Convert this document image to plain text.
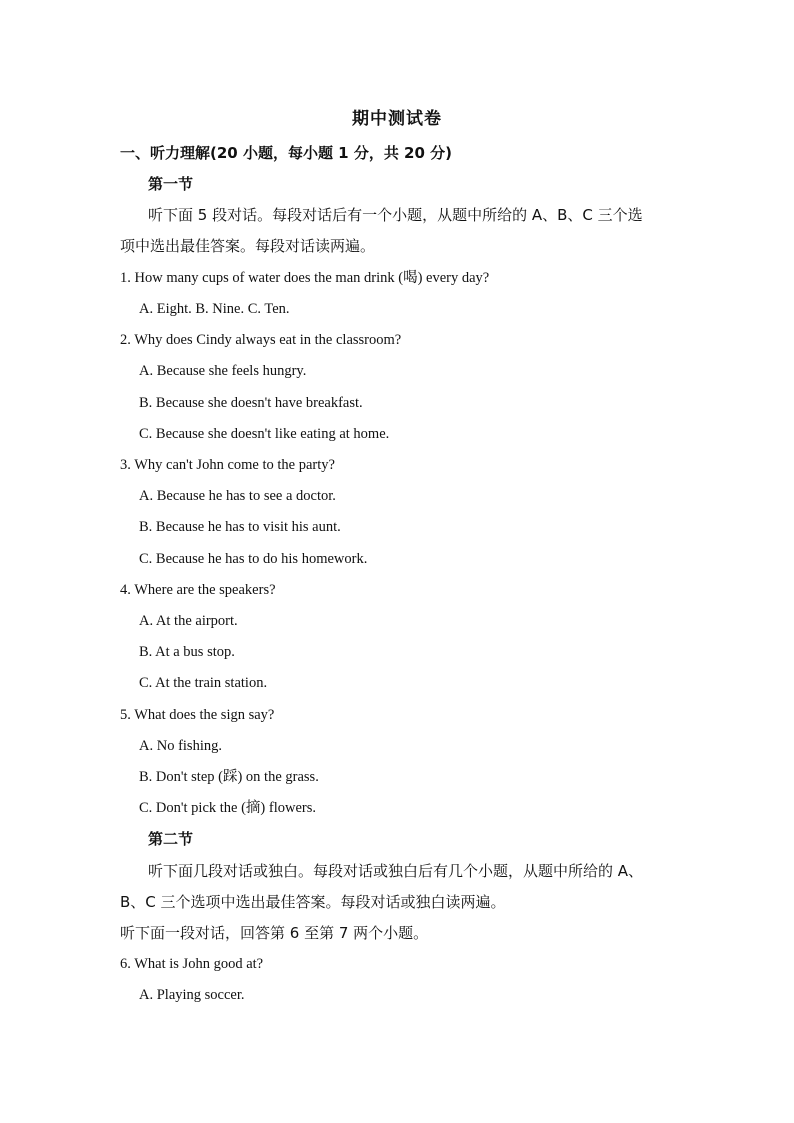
期中测试卷
一、听力理解(20 小题，每小题 1 分，共 20 分)
第一节
听下面 5 段对话。每段对话后有一个小题，从题中所给的 A、B、C 三个选
项中选出最佳答案。每段对话读两遍。
1. How many cups of water does the man drink (喝) every day?
A. Eight. B. Nine. C. Ten.
2. Why does Cindy always eat in the classroom?
A. Because she feels hungry.
B. Because she doesn't have breakfast.
C. Because she doesn't like eating at home.
3. Why can't John come to the party?
A. Because he has to see a doctor.
B. Because he has to visit his aunt.
C. Because he has to do his homework.
4. Where are the speakers?
A. At the airport.
B. At a bus stop.
C. At the train station.
5. What does the sign say?
A. No fishing.
B. Don't step (踩) on the grass.
C. Don't pick the (摘) flowers.
第二节
听下面几段对话或独白。每段对话或独白后有几个小题，从题中所给的 A、
B、C 三个选项中选出最佳答案。每段对话或独白读两遍。
听下面一段对话，回答第 6 至第 7 两个小题。
6. What is John good at?
A. Playing soccer.
